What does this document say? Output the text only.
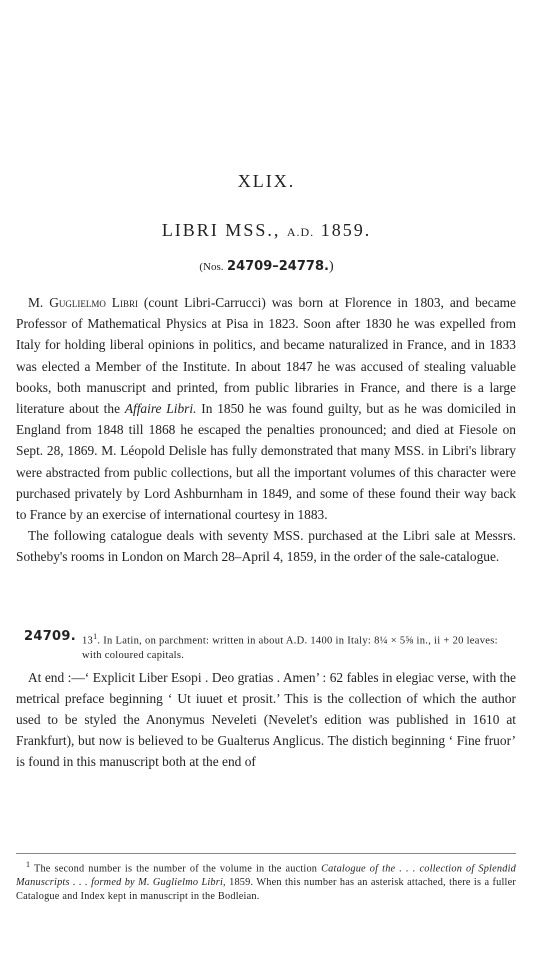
XLIX.
LIBRI MSS., A.D. 1859.
(Nos. 24709–24778.)

M. Guglielmo Libri (count Libri-Carrucci) was born at Florence in 1803, and became Professor of Mathematical Physics at Pisa in 1823. Soon after 1830 he was expelled from Italy for holding liberal opinions in politics, and became naturalized in France, and in 1833 was elected a Member of the Institute. In about 1847 he was accused of stealing valuable books, both manuscript and printed, from public libraries in France, and there is a large literature about the Affaire Libri. In 1850 he was found guilty, but as he was domiciled in England from 1848 till 1868 he escaped the penalties pronounced; and died at Fiesole on Sept. 28, 1869. M. Léopold Delisle has fully demonstrated that many MSS. in Libri's library were abstracted from public collections, but all the important volumes of this character were purchased privately by Lord Ashburnham in 1849, and some of these found their way back to France by an exercise of international courtesy in 1883.

The following catalogue deals with seventy MSS. purchased at the Libri sale at Messrs. Sotheby's rooms in London on March 28–April 4, 1859, in the order of the sale-catalogue.

24709. $13^1$. In Latin, on parchment: written in about A.D. 1400 in Italy: 8¼ × 5⅝ in., ii + 20 leaves: with coloured capitals.

At end :—‘ Explicit Liber Esopi . Deo gratias . Amen’ : 62 fables in elegiac verse, with the metrical preface beginning ‘ Ut iuuet et prosit.’ This is the collection of which the author used to be styled the Anonymus Neveleti (Nevelet's edition was published in 1610 at Frankfurt), but now is believed to be Gualterus Anglicus. The distich beginning ‘ Fine fruor’ is found in this manuscript both at the end of

$^1$ The second number is the number of the volume in the auction Catalogue of the . . . collection of Splendid Manuscripts . . . formed by M. Guglielmo Libri, 1859. When this number has an asterisk attached, there is a fuller Catalogue and Index kept in manuscript in the Bodleian.
